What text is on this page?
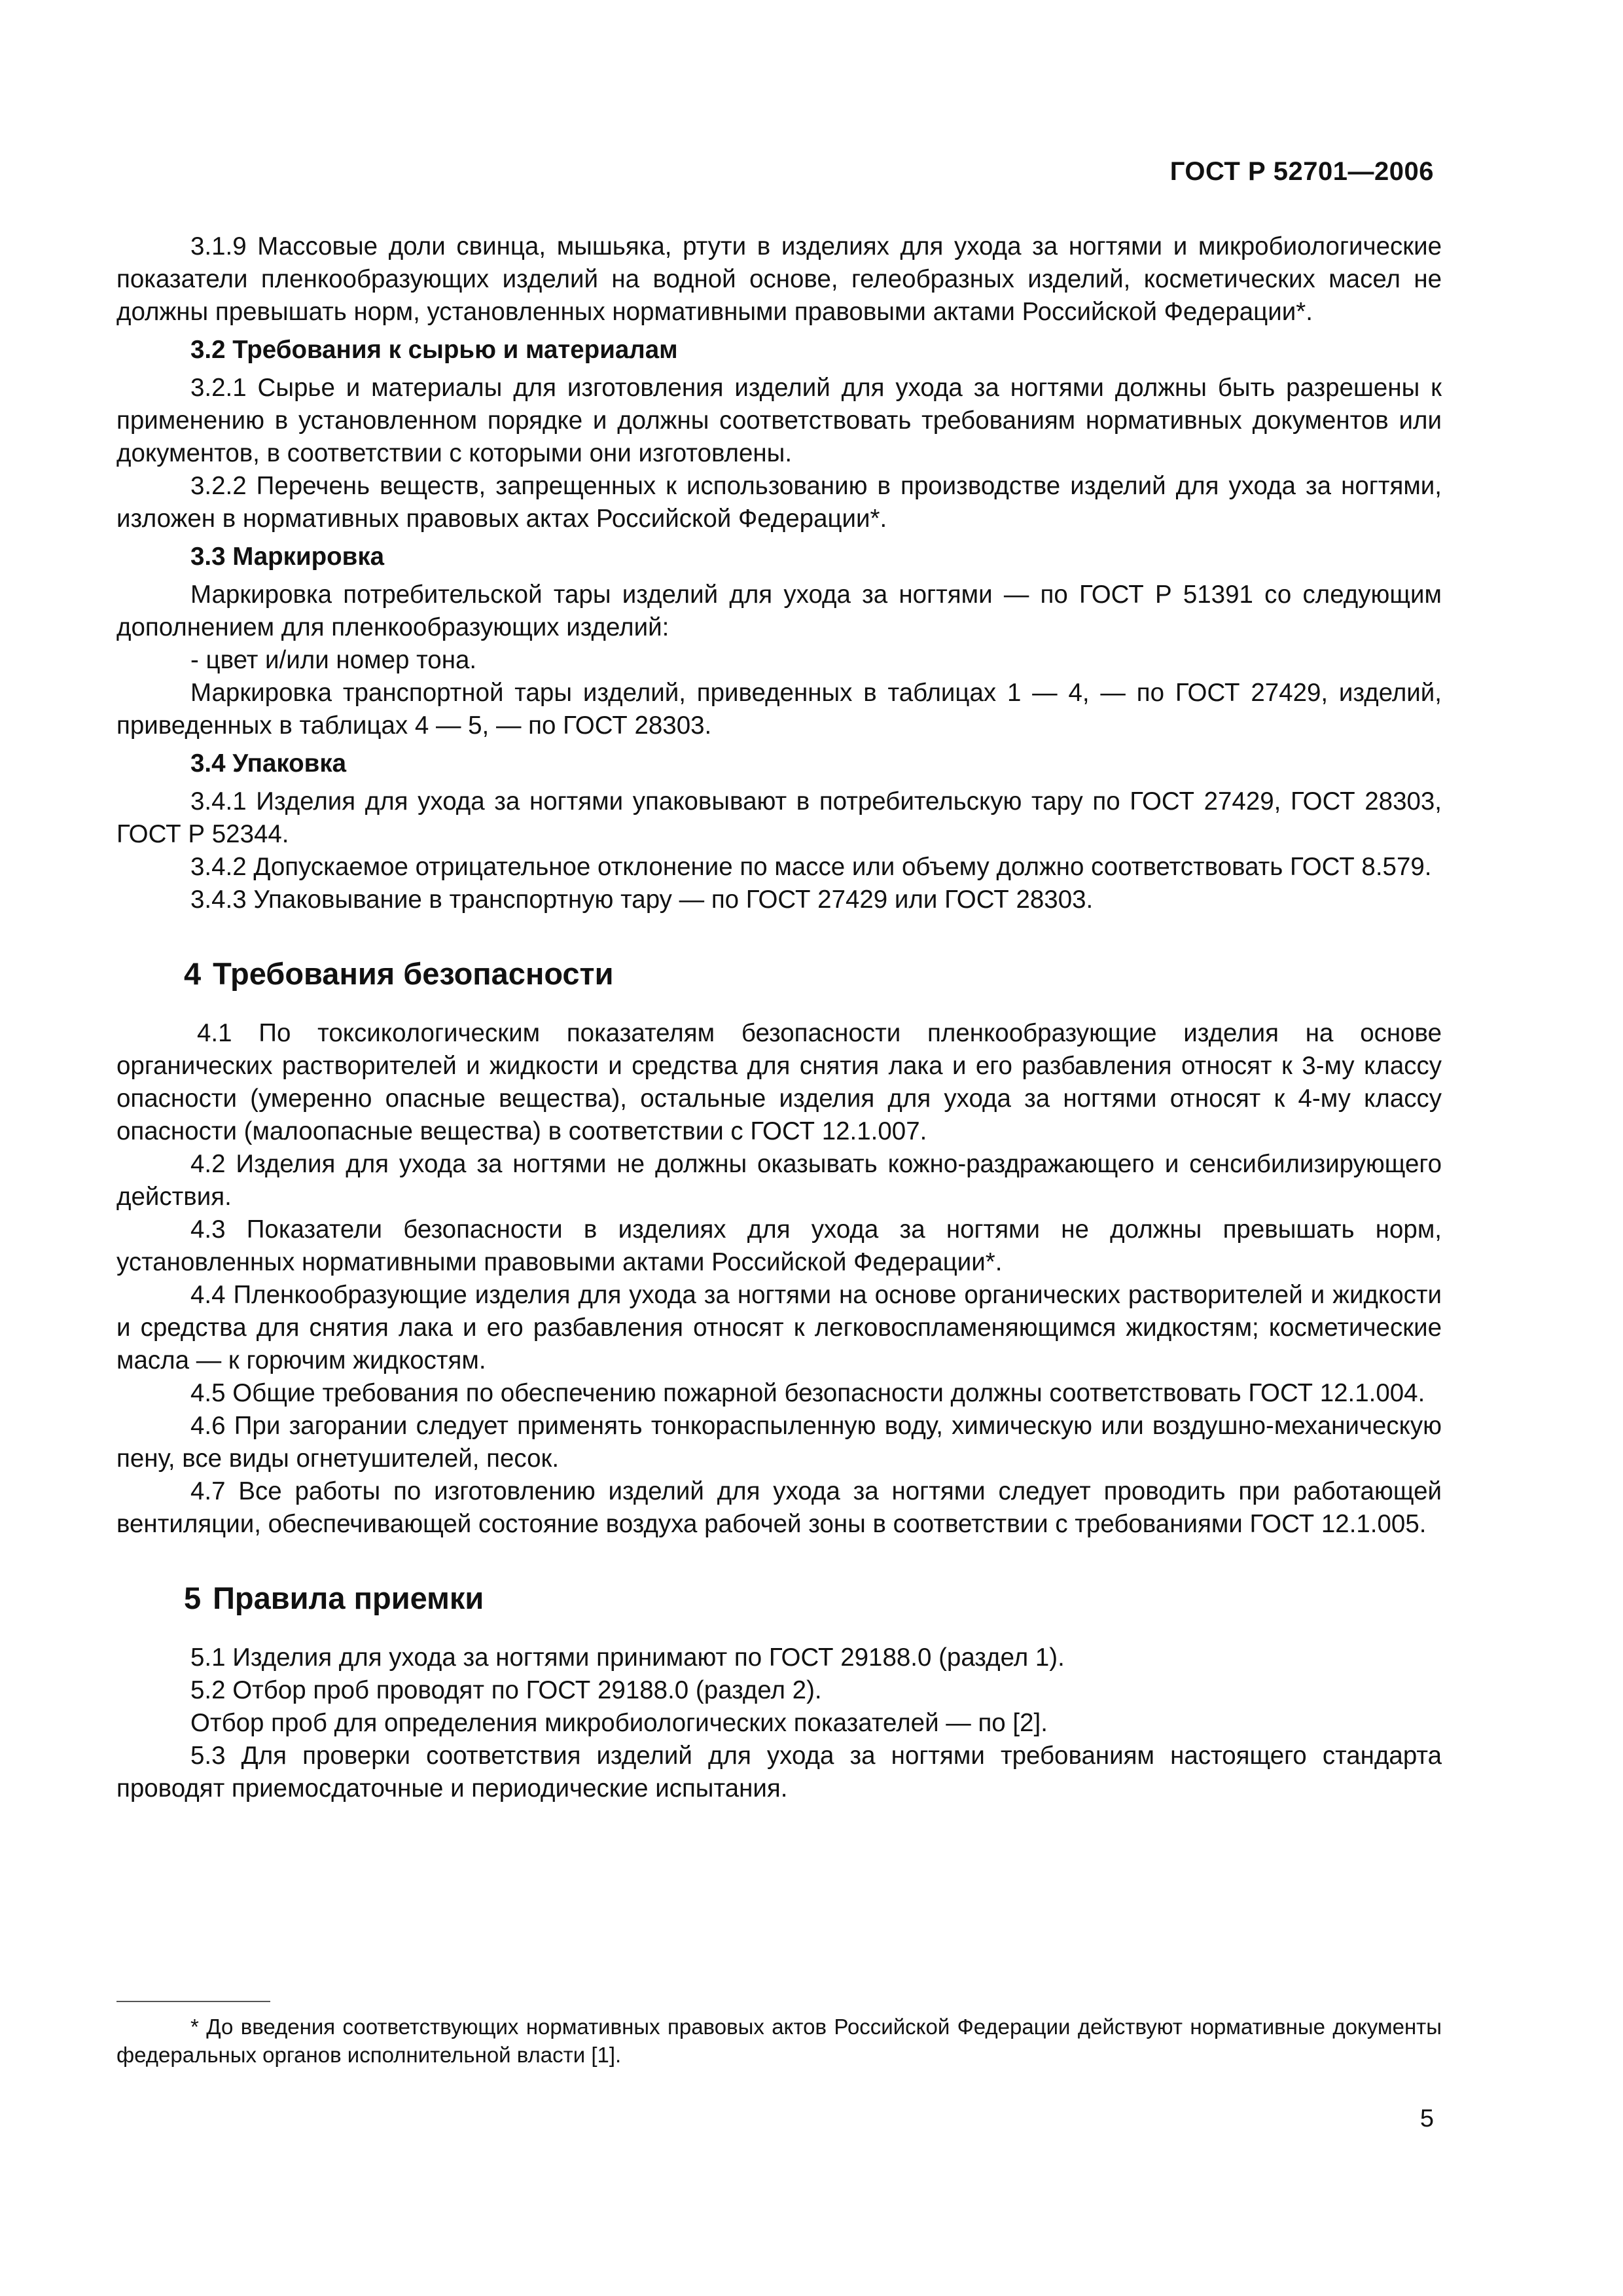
ГОСТ Р 52701—2006

3.1.9 Массовые доли свинца, мышьяка, ртути в изделиях для ухода за ногтями и микробиологические показатели пленкообразующих изделий на водной основе, гелеобразных изделий, косметических масел не должны превышать норм, установленных нормативными правовыми актами Российской Федерации*.

3.2 Требования к сырью и материалам

3.2.1 Сырье и материалы для изготовления изделий для ухода за ногтями должны быть разрешены к применению в установленном порядке и должны соответствовать требованиям нормативных документов или документов, в соответствии с которыми они изготовлены.

3.2.2 Перечень веществ, запрещенных к использованию в производстве изделий для ухода за ногтями, изложен в нормативных правовых актах Российской Федерации*.

3.3 Маркировка

Маркировка потребительской тары изделий для ухода за ногтями — по ГОСТ Р 51391 со следующим дополнением для пленкообразующих изделий:

- цвет и/или номер тона.

Маркировка транспортной тары изделий, приведенных в таблицах 1 — 4, — по ГОСТ 27429, изделий, приведенных в таблицах 4 — 5, — по ГОСТ 28303.

3.4 Упаковка

3.4.1 Изделия для ухода за ногтями упаковывают в потребительскую тару по ГОСТ 27429, ГОСТ 28303, ГОСТ Р 52344.

3.4.2 Допускаемое отрицательное отклонение по массе или объему должно соответствовать ГОСТ 8.579.

3.4.3 Упаковывание в транспортную тару — по ГОСТ 27429 или ГОСТ 28303.

4 Требования безопасности

4.1 По токсикологическим показателям безопасности пленкообразующие изделия на основе органических растворителей и жидкости и средства для снятия лака и его разбавления относят к 3-му классу опасности (умеренно опасные вещества), остальные изделия для ухода за ногтями относят к 4-му классу опасности (малоопасные вещества) в соответствии с ГОСТ 12.1.007.

4.2 Изделия для ухода за ногтями не должны оказывать кожно-раздражающего и сенсибилизирующего действия.

4.3 Показатели безопасности в изделиях для ухода за ногтями не должны превышать норм, установленных нормативными правовыми актами Российской Федерации*.

4.4 Пленкообразующие изделия для ухода за ногтями на основе органических растворителей и жидкости и средства для снятия лака и его разбавления относят к легковоспламеняющимся жидкостям; косметические масла — к горючим жидкостям.

4.5 Общие требования по обеспечению пожарной безопасности должны соответствовать ГОСТ 12.1.004.

4.6 При загорании следует применять тонкораспыленную воду, химическую или воздушно-механическую пену, все виды огнетушителей, песок.

4.7 Все работы по изготовлению изделий для ухода за ногтями следует проводить при работающей вентиляции, обеспечивающей состояние воздуха рабочей зоны в соответствии с требованиями ГОСТ 12.1.005.

5 Правила приемки

5.1 Изделия для ухода за ногтями принимают по ГОСТ 29188.0 (раздел 1).

5.2 Отбор проб проводят по ГОСТ 29188.0 (раздел 2).

Отбор проб для определения микробиологических показателей — по [2].

5.3 Для проверки соответствия изделий для ухода за ногтями требованиям настоящего стандарта проводят приемосдаточные и периодические испытания.

* До введения соответствующих нормативных правовых актов Российской Федерации действуют нормативные документы федеральных органов исполнительной власти [1].

5
